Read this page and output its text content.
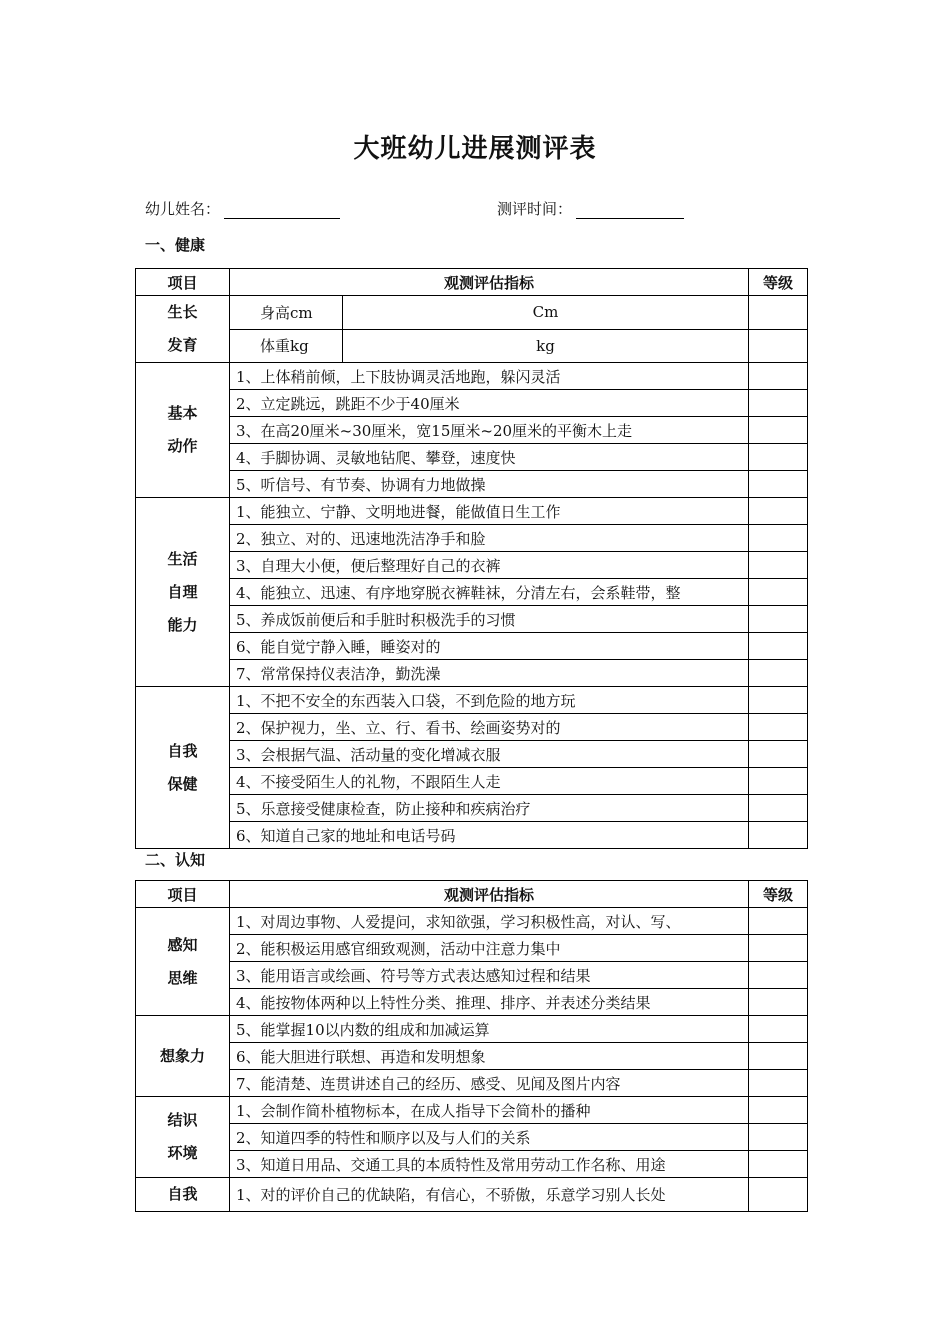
大班幼儿进展测评表
幼儿姓名：	测评时间：
一、健康
项目	观测评估指标		等级

生长
发育	身高cm	Cm	
	体重kg	kg	

基本
动作	1、上体稍前倾，上下肢协调灵活地跑，躲闪灵活		
	2、立定跳远，跳距不少于40厘米		
	3、在高20厘米~30厘米，宽15厘米~20厘米的平衡木上走		
	4、手脚协调、灵敏地钻爬、攀登，速度快		
	5、听信号、有节奏、协调有力地做操		

生活
自理
能力	1、能独立、宁静、文明地进餐，能做值日生工作		
	2、独立、对的、迅速地洗洁净手和脸		
	3、自理大小便，便后整理好自己的衣裤		
	4、能独立、迅速、有序地穿脱衣裤鞋袜，分清左右，会系鞋带，整		
	5、养成饭前便后和手脏时积极洗手的习惯		
	6、能自觉宁静入睡，睡姿对的		
	7、常常保持仪表洁净，勤洗澡		

自我
保健	1、不把不安全的东西装入口袋，不到危险的地方玩		
	2、保护视力，坐、立、行、看书、绘画姿势对的		
	3、会根据气温、活动量的变化增减衣服		
	4、不接受陌生人的礼物，不跟陌生人走		
	5、乐意接受健康检查，防止接种和疾病治疗		
	6、知道自己家的地址和电话号码		
二、认知
项目	观测评估指标	等级

感知
思维	1、对周边事物、人爱提问，求知欲强，学习积极性高，对认、写、	
	2、能积极运用感官细致观测，活动中注意力集中	
	3、能用语言或绘画、符号等方式表达感知过程和结果	
	4、能按物体两种以上特性分类、推理、排序、并表述分类结果	

想象力	5、能掌握10以内数的组成和加减运算	
	6、能大胆进行联想、再造和发明想象	
	7、能清楚、连贯讲述自己的经历、感受、见闻及图片内容	

结识
环境	1、会制作简朴植物标本，在成人指导下会简朴的播种	
	2、知道四季的特性和顺序以及与人们的关系	
	3、知道日用品、交通工具的本质特性及常用劳动工作名称、用途	

自我	1、对的评价自己的优缺陷，有信心，不骄傲，乐意学习别人长处	
